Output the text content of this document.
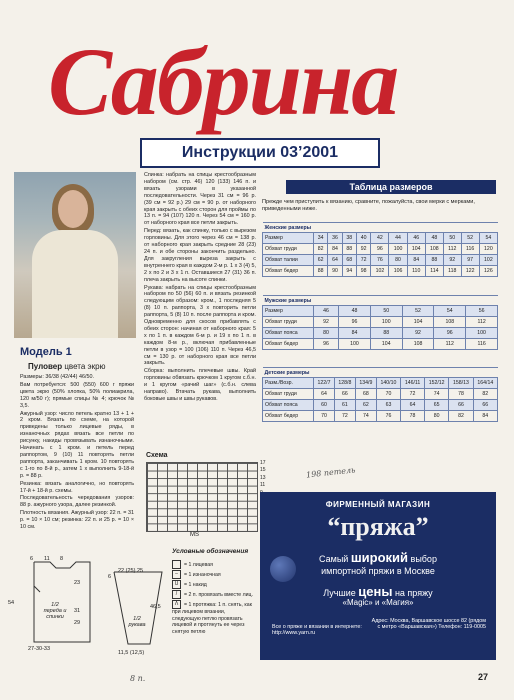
Сабрина
Инструкции 03’2001
Модель 1
Пуловер цвета экрю

Размеры: 36/38 (42/44) 46/50.

Вам потребуется: 500 (550) 600 г пряжи цвета экрю (50% хлопка, 50% полиакрила, 120 м/50 г); прямые спицы № 4; крючок № 3,5.

Ажурный узор: число петель кратно 13 + 1 + 2 кром. Вязать по схеме, на которой приведены только лицевые ряды, в изнаночных рядах вязать все петли по рисунку, накиды провязывать изнаночными. Начинать с 1 кром. и петель перед раппортом, 9 (10) 11 повторять петли раппорта, заканчивать 1 кром. 10 повторять с 1-го по 8-й р., затем 1 х выполнить 9-18-й р. = 88 р.

Резинка: вязать аналогично, но повторять 17-й + 18-й р. схемы.

Последовательность чередования узоров: 88 р. ажурного узора, далее резинкой.

Плотность вязания. Ажурный узор: 22 п. = 31 р. = 10 × 10 см; резинка: 22 п. и 25 р. = 10 × 10 см.

Спинка: набрать на спицы крестообразным набором (см. стр. 46) 120 (133) 146 п. и вязать узорами в указанной последовательности. Через 31 см = 96 р. (39 см = 92 р.) 29 см = 90 р. от наборного края закрыть с обеих сторон для проймы по 13 п. = 94 (107) 120 п. Через 54 см = 160 р. от наборного края все петли закрыть.

Перед: вязать, как спинку, только с вырезом горловины. Для этого через 46 см = 138 р. от наборного края закрыть средние 28 (23) 24 п. и обе стороны закончить раздельно. Для закругления выреза закрыть с внутреннего края в каждом 2-м р. 1 х 3 (4) 5, 2 х по 2 и 3 х 1 п. Оставшиеся 27 (31) 36 п. плеча закрыть на высоте спинки.

Рукава: набрать на спицы крестообразным набором по 50 (56) 60 п. и вязать резинкой следующим образом: кром., 1 последняя 5 (8) 10 п. раппорта, 3 х повторить петли раппорта, 5 (8) 10 п. после раппорта и кром. Одновременно для скосов прибавлять с обеих сторон: начиная от наборного края: 5 х по 1 п. в каждом 6-м р. и 19 х по 1 п. в каждом 8-м р., включая прибавленные петли в узор = 100 (106) 110 п. Через 46,5 см = 130 р. от наборного края все петли закрыть.

Сборка: выполнить плечевые швы. Край горловины обвязать крючком 1 кругом с.б.н. и 1 кругом «рачий шаг» (с.б.н. слева направо). Втачать рукава, выполнить боковые швы и швы рукавов.

Таблица размеров
Прежде чем приступить к вязанию, сравните, пожалуйста, свои мерки с мерками, приведенными ниже.
Женские размеры											
Размер	34	36	38	40	42	44	46	48	50	52	54
Обхват груди	82	84	88	92	96	100	104	108	112	116	120
Обхват талии	62	64	68	72	76	80	84	88	92	97	102
Обхват бедер	88	90	94	98	102	106	110	114	118	122	126
Мужские размеры						
Размер	46	48	50	52	54	56
Обхват груди	92	96	100	104	108	112
Обхват пояса	80	84	88	92	96	100
Обхват бедер	96	100	104	108	112	116
Детские размеры								
Разм./Возр.	122/7	128/8	134/9	140/10	146/11	152/12	158/13	164/14
Обхват груди	64	66	68	70	72	74	78	82
Обхват пояса	60	61	62	63	64	65	66	66
Обхват бедер	70	72	74	76	78	80	82	84
Схема
17
15
13
11
MS
198 петель
Условные обозначения
= 1 лицевая
– = 1 изнаночная
U = 1 накид
/ = 2 п. провязать вместе лиц.
Λ = 1 протяжка: 1 п. снять, как при лицевом вязании, следующую петлю провязать лицевой и протянуть ее через снятую петлю
6 11 8
54
23
1/2 переда и спинки
31
29
27-30-33
6
22 (25) 25
46,5
1/2 рукава
11,5 (12,5)
8 п.
ФИРМЕННЫЙ МАГАЗИН
“пряжа”
Самый широкий выбор
импортной пряжи в Москве
Лучшие цены на пряжу
«Magic» и «Магия»
Все о пряже и вязании в интернете: http://www.yarn.ru
Адрес: Москва, Варшавское шоссе 82 (рядом с метро «Варшавская») Телефон: 119-0005
27
